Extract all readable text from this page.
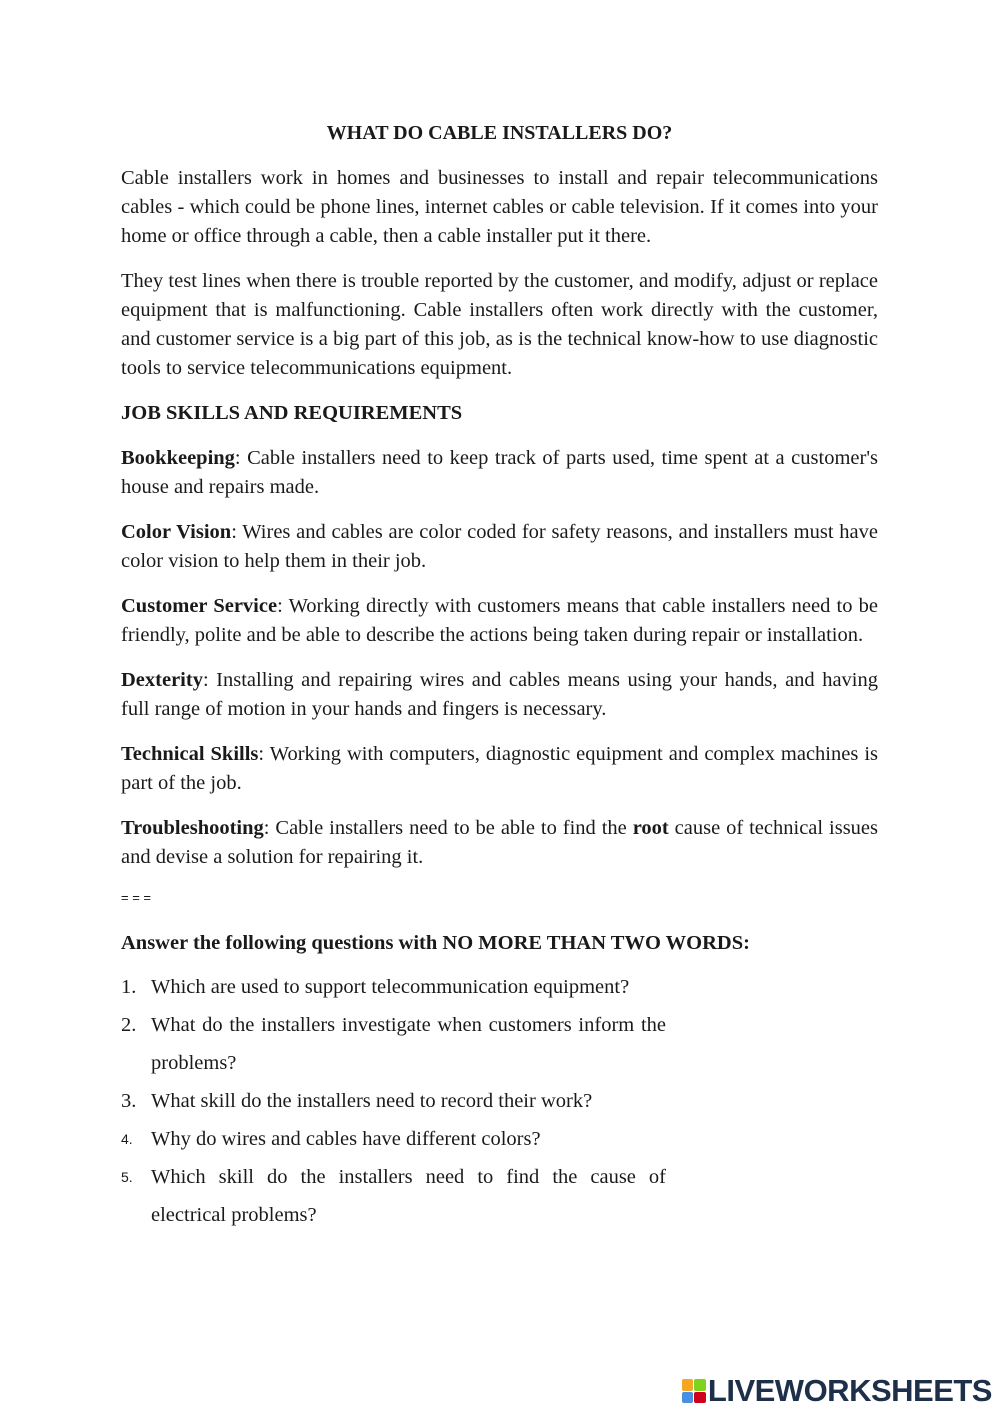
WHAT DO CABLE INSTALLERS DO?

Cable installers work in homes and businesses to install and repair telecommunications cables - which could be phone lines, internet cables or cable television. If it comes into your home or office through a cable, then a cable installer put it there.

They test lines when there is trouble reported by the customer, and modify, adjust or replace equipment that is malfunctioning. Cable installers often work directly with the customer, and customer service is a big part of this job, as is the technical know-how to use diagnostic tools to service telecommunications equipment.

JOB SKILLS AND REQUIREMENTS

Bookkeeping: Cable installers need to keep track of parts used, time spent at a customer's house and repairs made.

Color Vision: Wires and cables are color coded for safety reasons, and installers must have color vision to help them in their job.

Customer Service: Working directly with customers means that cable installers need to be friendly, polite and be able to describe the actions being taken during repair or installation.

Dexterity: Installing and repairing wires and cables means using your hands, and having full range of motion in your hands and fingers is necessary.

Technical Skills: Working with computers, diagnostic equipment and complex machines is part of the job.

Troubleshooting: Cable installers need to be able to find the root cause of technical issues and devise a solution for repairing it.

= = =
Answer the following questions with NO MORE THAN TWO WORDS:
1. Which are used to support telecommunication equipment?
2. What do the installers investigate when customers inform the problems?
3. What skill do the installers need to record their work?
4. Why do wires and cables have different colors?
5. Which skill do the installers need to find the cause of electrical problems?
LIVEWORKSHEETS
